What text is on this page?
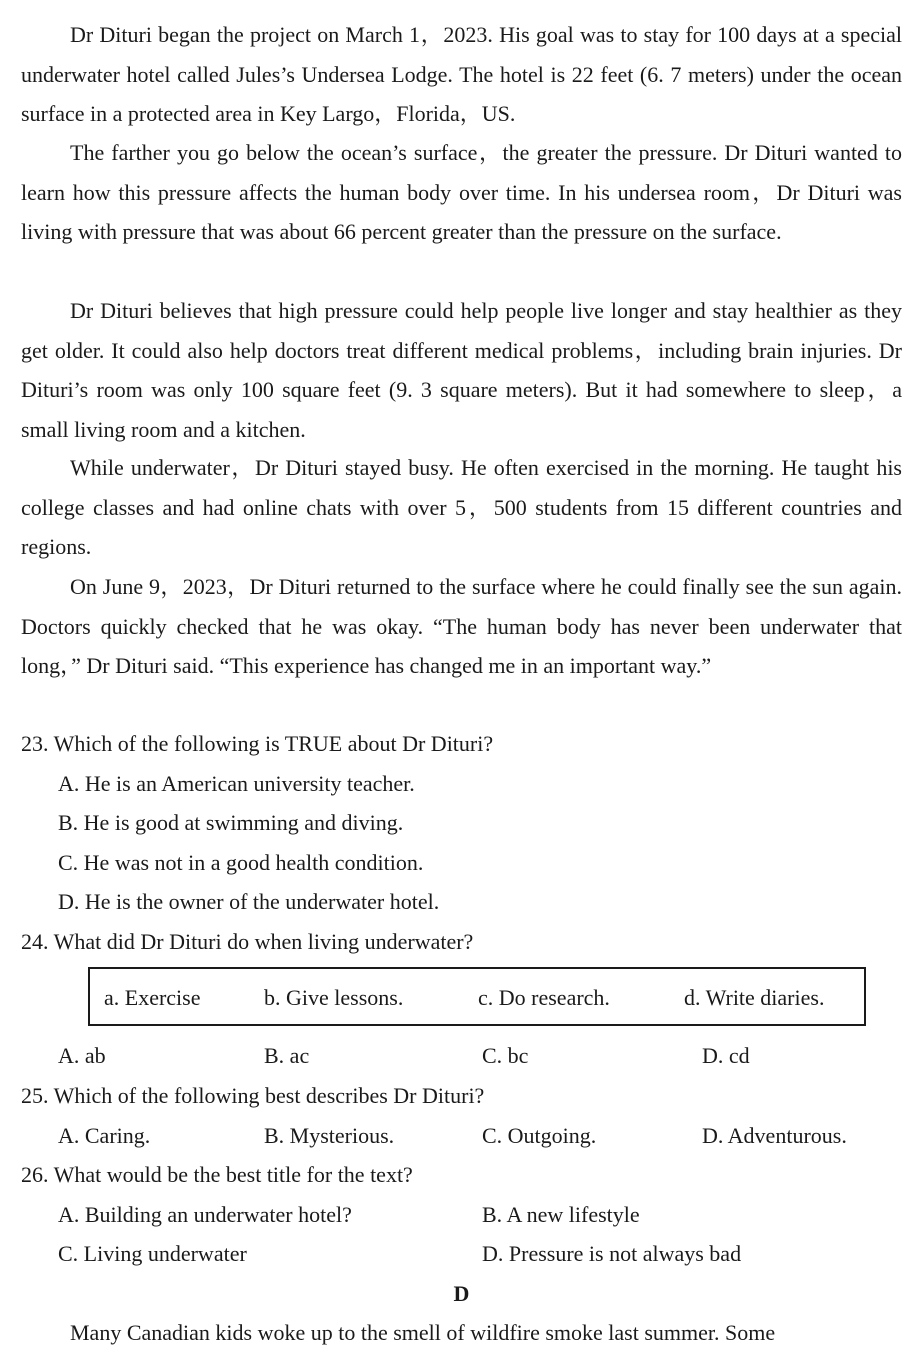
Dr Dituri began the project on March 1，2023. His goal was to stay for 100 days at a special underwater hotel called Jules’s Undersea Lodge. The hotel is 22 feet (6. 7 meters) under the ocean surface in a protected area in Key Largo，Florida，US.

The farther you go below the ocean’s surface，the greater the pressure. Dr Dituri wanted to learn how this pressure affects the human body over time. In his undersea room，Dr Dituri was living with pressure that was about 66 percent greater than the pressure on the surface.

Dr Dituri believes that high pressure could help people live longer and stay healthier as they get older. It could also help doctors treat different medical problems，including brain injuries. Dr Dituri’s room was only 100 square feet (9. 3 square meters). But it had somewhere to sleep，a small living room and a kitchen.

While underwater，Dr Dituri stayed busy. He often exercised in the morning. He taught his college classes and had online chats with over 5，500 students from 15 different countries and regions.

On June 9，2023，Dr Dituri returned to the surface where he could finally see the sun again. Doctors quickly checked that he was okay. “The human body has never been underwater that long，” Dr Dituri said. “This experience has changed me in an important way.”

23. Which of the following is TRUE about Dr Dituri?
A. He is an American university teacher.
B. He is good at swimming and diving.
C. He was not in a good health condition.
D. He is the owner of the underwater hotel.
24. What did Dr Dituri do when living underwater?
a. Exercise	b. Give lessons.	c. Do research.	d. Write diaries.
A. ab	B. ac	C. bc	D. cd
25. Which of the following best describes Dr Dituri?
A. Caring.	B. Mysterious.	C. Outgoing.	D. Adventurous.
26. What would be the best title for the text?
A. Building an underwater hotel?	B. A new lifestyle
C. Living underwater	D. Pressure is not always bad
D
Many Canadian kids woke up to the smell of wildfire smoke last summer. Some
